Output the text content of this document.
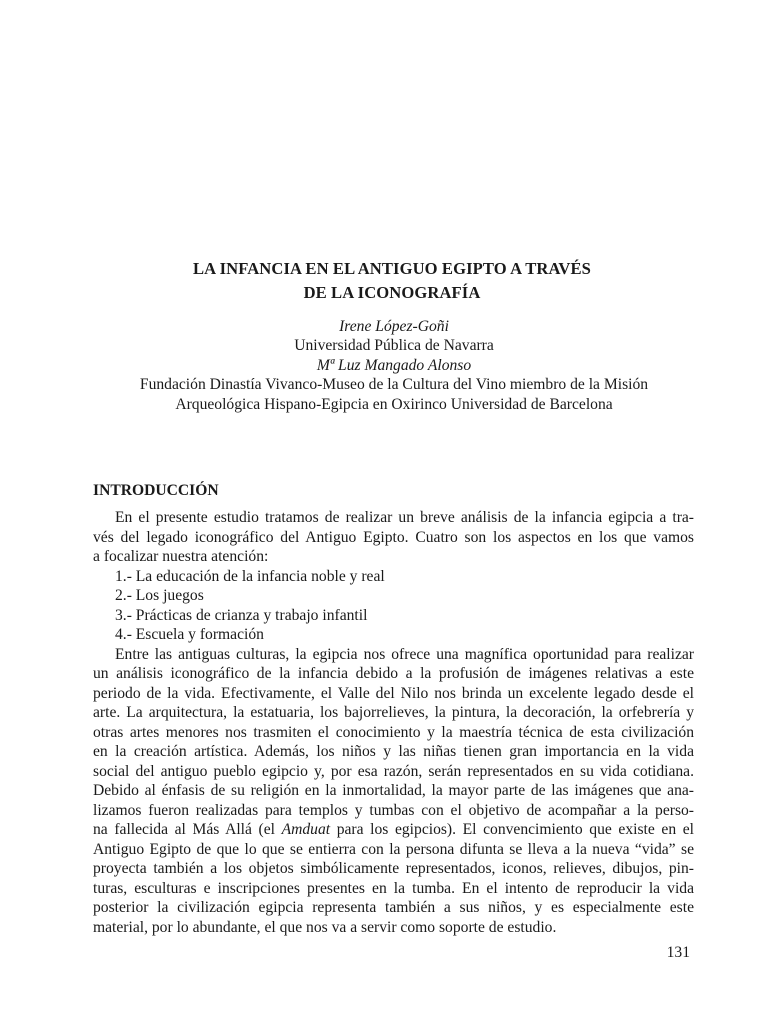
LA INFANCIA EN EL ANTIGUO EGIPTO A TRAVÉS
DE LA ICONOGRAFÍA
Irene López-Goñi
Universidad Pública de Navarra
Mª Luz Mangado Alonso
Fundación Dinastía Vivanco-Museo de la Cultura del Vino miembro de la Misión
Arqueológica Hispano-Egipcia en Oxirinco Universidad de Barcelona
INTRODUCCIÓN
En el presente estudio tratamos de realizar un breve análisis de la infancia egipcia a tra-
vés del legado iconográfico del Antiguo Egipto. Cuatro son los aspectos en los que vamos
a focalizar nuestra atención:
1.- La educación de la infancia noble y real
2.- Los juegos
3.- Prácticas de crianza y trabajo infantil
4.- Escuela y formación
Entre las antiguas culturas, la egipcia nos ofrece una magnífica oportunidad para realizar
un análisis iconográfico de la infancia debido a la profusión de imágenes relativas a este
periodo de la vida. Efectivamente, el Valle del Nilo nos brinda un excelente legado desde el
arte. La arquitectura, la estatuaria, los bajorrelieves, la pintura, la decoración, la orfebrería y
otras artes menores nos trasmiten el conocimiento y la maestría técnica de esta civilización
en la creación artística. Además, los niños y las niñas tienen gran importancia en la vida
social del antiguo pueblo egipcio y, por esa razón, serán representados en su vida cotidiana.
Debido al énfasis de su religión en la inmortalidad, la mayor parte de las imágenes que ana-
lizamos fueron realizadas para templos y tumbas con el objetivo de acompañar a la perso-
na fallecida al Más Allá (el Amduat para los egipcios). El convencimiento que existe en el
Antiguo Egipto de que lo que se entierra con la persona difunta se lleva a la nueva “vida” se
proyecta también a los objetos simbólicamente representados, iconos, relieves, dibujos, pin-
turas, esculturas e inscripciones presentes en la tumba. En el intento de reproducir la vida
posterior la civilización egipcia representa también a sus niños, y es especialmente este
material, por lo abundante, el que nos va a servir como soporte de estudio.
131
